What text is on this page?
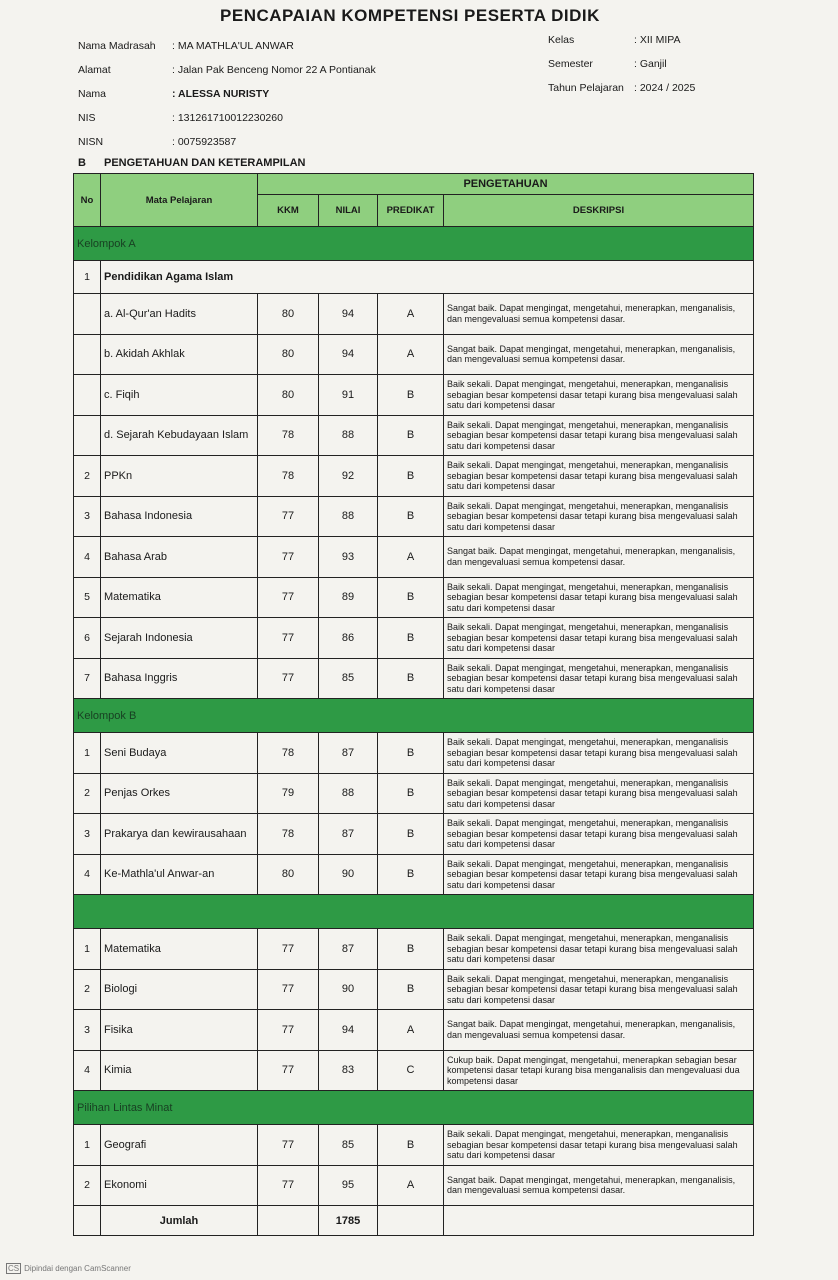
PENCAPAIAN KOMPETENSI PESERTA DIDIK
Nama Madrasah : MA MATHLA'UL ANWAR
Alamat	: Jalan Pak Benceng Nomor 22 A Pontianak
Nama	: ALESSA NURISTY
NIS	: 131261710012230260
NISN	: 0075923587
Kelas	: XII MIPA
Semester	: Ganjil
Tahun Pelajaran : 2024 / 2025
B PENGETAHUAN DAN KETERAMPILAN
No	Mata Pelajaran	PENGETAHUAN			
		KKM	NILAI	PREDIKAT	DESKRIPSI
Kelompok A					
1	Pendidikan Agama Islam				
	a. Al-Qur'an Hadits	80	94	A	Sangat baik. Dapat mengingat, mengetahui, menerapkan, menganalisis, dan mengevaluasi semua kompetensi dasar.
	b. Akidah Akhlak	80	94	A	Sangat baik. Dapat mengingat, mengetahui, menerapkan, menganalisis, dan mengevaluasi semua kompetensi dasar.
	c. Fiqih	80	91	B	Baik sekali. Dapat mengingat, mengetahui, menerapkan, menganalisis sebagian besar kompetensi dasar tetapi kurang bisa mengevaluasi salah satu dari kompetensi dasar
	d. Sejarah Kebudayaan Islam	78	88	B	Baik sekali. Dapat mengingat, mengetahui, menerapkan, menganalisis sebagian besar kompetensi dasar tetapi kurang bisa mengevaluasi salah satu dari kompetensi dasar
2	PPKn	78	92	B	Baik sekali. Dapat mengingat, mengetahui, menerapkan, menganalisis sebagian besar kompetensi dasar tetapi kurang bisa mengevaluasi salah satu dari kompetensi dasar
3	Bahasa Indonesia	77	88	B	Baik sekali. Dapat mengingat, mengetahui, menerapkan, menganalisis sebagian besar kompetensi dasar tetapi kurang bisa mengevaluasi salah satu dari kompetensi dasar
4	Bahasa Arab	77	93	A	Sangat baik. Dapat mengingat, mengetahui, menerapkan, menganalisis, dan mengevaluasi semua kompetensi dasar.
5	Matematika	77	89	B	Baik sekali. Dapat mengingat, mengetahui, menerapkan, menganalisis sebagian besar kompetensi dasar tetapi kurang bisa mengevaluasi salah satu dari kompetensi dasar
6	Sejarah Indonesia	77	86	B	Baik sekali. Dapat mengingat, mengetahui, menerapkan, menganalisis sebagian besar kompetensi dasar tetapi kurang bisa mengevaluasi salah satu dari kompetensi dasar
7	Bahasa Inggris	77	85	B	Baik sekali. Dapat mengingat, mengetahui, menerapkan, menganalisis sebagian besar kompetensi dasar tetapi kurang bisa mengevaluasi salah satu dari kompetensi dasar
Kelompok B					
1	Seni Budaya	78	87	B	Baik sekali. Dapat mengingat, mengetahui, menerapkan, menganalisis sebagian besar kompetensi dasar tetapi kurang bisa mengevaluasi salah satu dari kompetensi dasar
2	Penjas Orkes	79	88	B	Baik sekali. Dapat mengingat, mengetahui, menerapkan, menganalisis sebagian besar kompetensi dasar tetapi kurang bisa mengevaluasi salah satu dari kompetensi dasar
3	Prakarya dan kewirausahaan	78	87	B	Baik sekali. Dapat mengingat, mengetahui, menerapkan, menganalisis sebagian besar kompetensi dasar tetapi kurang bisa mengevaluasi salah satu dari kompetensi dasar
4	Ke-Mathla'ul Anwar-an	80	90	B	Baik sekali. Dapat mengingat, mengetahui, menerapkan, menganalisis sebagian besar kompetensi dasar tetapi kurang bisa mengevaluasi salah satu dari kompetensi dasar

1	Matematika	77	87	B	Baik sekali. Dapat mengingat, mengetahui, menerapkan, menganalisis sebagian besar kompetensi dasar tetapi kurang bisa mengevaluasi salah satu dari kompetensi dasar
2	Biologi	77	90	B	Baik sekali. Dapat mengingat, mengetahui, menerapkan, menganalisis sebagian besar kompetensi dasar tetapi kurang bisa mengevaluasi salah satu dari kompetensi dasar
3	Fisika	77	94	A	Sangat baik. Dapat mengingat, mengetahui, menerapkan, menganalisis, dan mengevaluasi semua kompetensi dasar.
4	Kimia	77	83	C	Cukup baik. Dapat mengingat, mengetahui, menerapkan sebagian besar kompetensi dasar tetapi kurang bisa menganalisis dan mengevaluasi dua kompetensi dasar
Pilihan Lintas Minat					
1	Geografi	77	85	B	Baik sekali. Dapat mengingat, mengetahui, menerapkan, menganalisis sebagian besar kompetensi dasar tetapi kurang bisa mengevaluasi salah satu dari kompetensi dasar
2	Ekonomi	77	95	A	Sangat baik. Dapat mengingat, mengetahui, menerapkan, menganalisis, dan mengevaluasi semua kompetensi dasar.
	Jumlah		1785		
CS Dipindai dengan CamScanner
